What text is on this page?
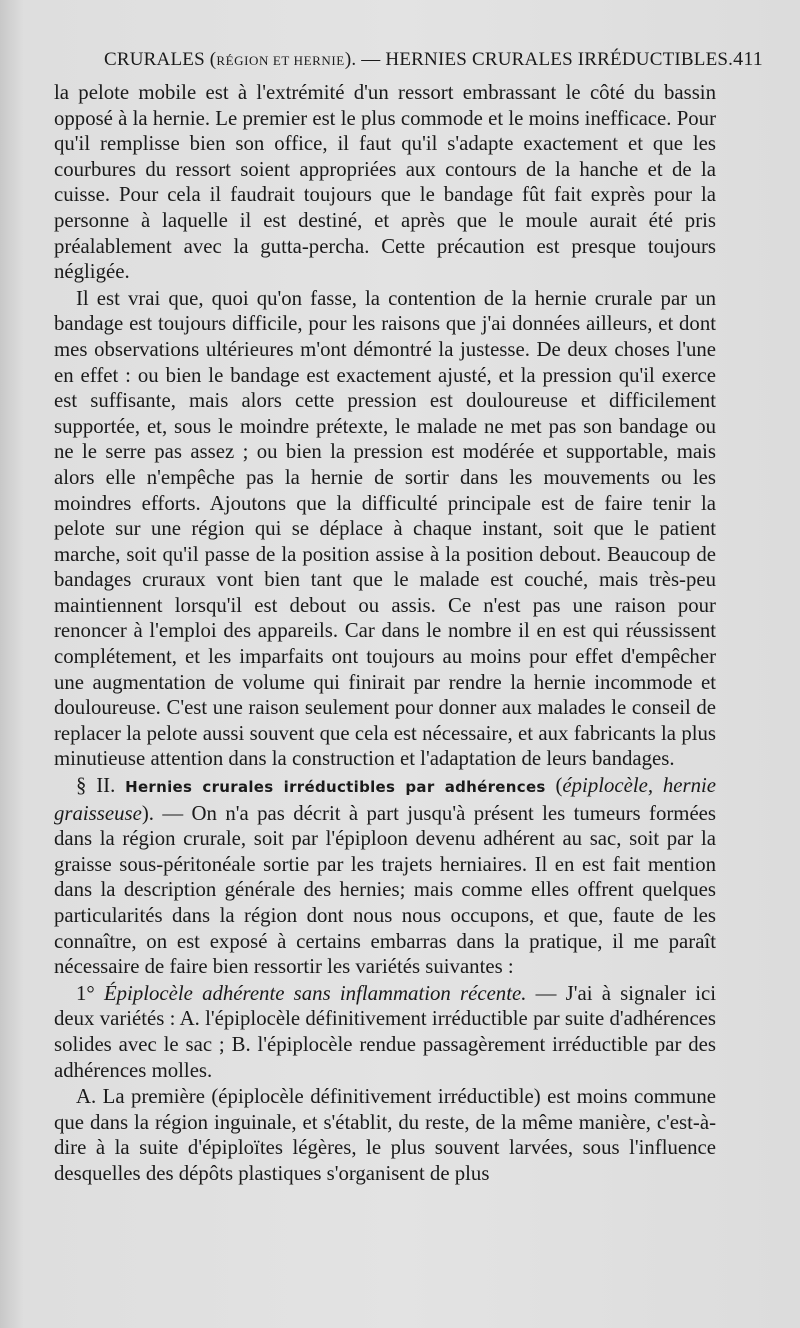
CRURALES (RÉGION ET HERNIE). — HERNIES CRURALES IRRÉDUCTIBLES. 411

la pelote mobile est à l'extrémité d'un ressort embrassant le côté du bassin opposé à la hernie. Le premier est le plus commode et le moins inefficace. Pour qu'il remplisse bien son office, il faut qu'il s'adapte exactement et que les courbures du ressort soient appropriées aux contours de la hanche et de la cuisse. Pour cela il faudrait toujours que le bandage fût fait exprès pour la personne à laquelle il est destiné, et après que le moule aurait été pris préalablement avec la gutta-percha. Cette précaution est presque toujours négligée.

Il est vrai que, quoi qu'on fasse, la contention de la hernie crurale par un bandage est toujours difficile, pour les raisons que j'ai données ailleurs, et dont mes observations ultérieures m'ont démontré la justesse. De deux choses l'une en effet : ou bien le bandage est exactement ajusté, et la pression qu'il exerce est suffisante, mais alors cette pression est douloureuse et difficilement supportée, et, sous le moindre prétexte, le malade ne met pas son bandage ou ne le serre pas assez ; ou bien la pression est modérée et supportable, mais alors elle n'empêche pas la hernie de sortir dans les mouvements ou les moindres efforts. Ajoutons que la difficulté principale est de faire tenir la pelote sur une région qui se déplace à chaque instant, soit que le patient marche, soit qu'il passe de la position assise à la position debout. Beaucoup de bandages cruraux vont bien tant que le malade est couché, mais très-peu maintiennent lorsqu'il est debout ou assis. Ce n'est pas une raison pour renoncer à l'emploi des appareils. Car dans le nombre il en est qui réussissent complétement, et les imparfaits ont toujours au moins pour effet d'empêcher une augmentation de volume qui finirait par rendre la hernie incommode et douloureuse. C'est une raison seulement pour donner aux malades le conseil de replacer la pelote aussi souvent que cela est nécessaire, et aux fabricants la plus minutieuse attention dans la construction et l'adaptation de leurs bandages.

§ II. Hernies crurales irréductibles par adhérences (épiplocèle, hernie graisseuse). — On n'a pas décrit à part jusqu'à présent les tumeurs formées dans la région crurale, soit par l'épiploon devenu adhérent au sac, soit par la graisse sous-péritonéale sortie par les trajets herniaires. Il en est fait mention dans la description générale des hernies; mais comme elles offrent quelques particularités dans la région dont nous nous occupons, et que, faute de les connaître, on est exposé à certains embarras dans la pratique, il me paraît nécessaire de faire bien ressortir les variétés suivantes :

1° Épiplocèle adhérente sans inflammation récente. — J'ai à signaler ici deux variétés : A. l'épiplocèle définitivement irréductible par suite d'adhérences solides avec le sac ; B. l'épiplocèle rendue passagèrement irréductible par des adhérences molles.

A. La première (épiplocèle définitivement irréductible) est moins commune que dans la région inguinale, et s'établit, du reste, de la même manière, c'est-à-dire à la suite d'épiploïtes légères, le plus souvent larvées, sous l'influence desquelles des dépôts plastiques s'organisent de plus
